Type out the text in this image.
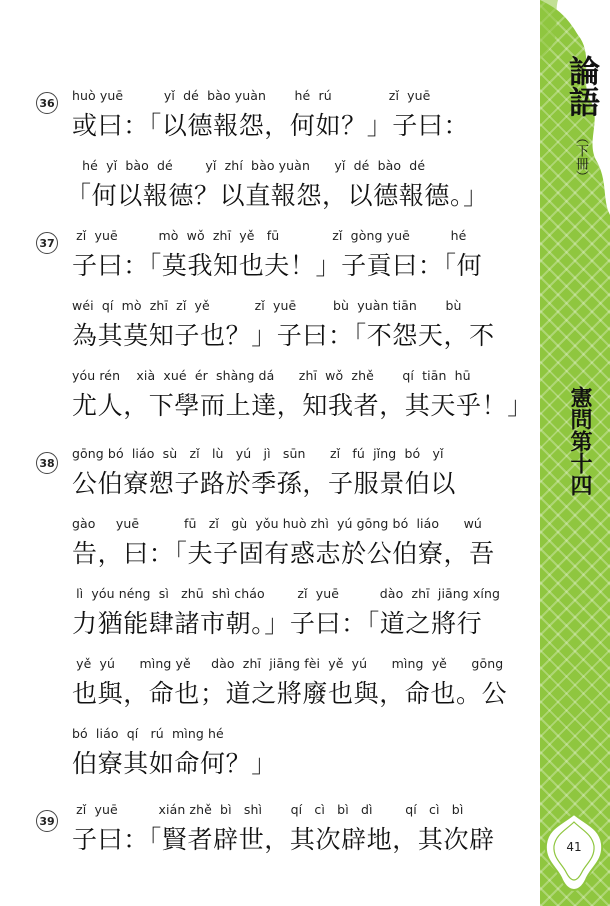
36 huò yuē          yǐ  dé  bào yuàn       hé  rú              zǐ  yuē
或曰：「以德報怨，何如？」子曰：
hé  yǐ  bào  dé        yǐ  zhí  bào yuàn      yǐ  dé  bào  dé
「何以報德？以直報怨，以德報德。」
37 zǐ  yuē          mò  wǒ  zhī  yě   fū             zǐ  gòng yuē          hé
子曰：「莫我知也夫！」子貢曰：「何
wéi  qí  mò  zhī  zǐ  yě           zǐ  yuē         bù  yuàn tiān       bù
為其莫知子也？」子曰：「不怨天，不
yóu rén    xià  xué  ér  shàng dá      zhī  wǒ  zhě       qí  tiān  hū
尤人，下學而上達，知我者，其天乎！」
38
gōng bó  liáo  sù   zǐ   lù   yú   jì   sūn      zǐ   fú  jǐng  bó   yǐ
公伯寮愬子路於季孫，子服景伯以
gào     yuē           fū   zǐ   gù  yǒu huò zhì  yú gōng bó  liáo      wú
告，曰：「夫子固有惑志於公伯寮，吾
lì  yóu néng  sì   zhū  shì cháo        zǐ  yuē          dào  zhī  jiāng xíng
力猶能肆諸市朝。」子曰：「道之將行
yě  yú      mìng yě     dào  zhī  jiāng fèi  yě  yú      mìng  yě      gōng
也與，命也；道之將廢也與，命也。公
bó  liáo  qí   rú  mìng hé
伯寮其如命何？」
39
zǐ  yuē          xián zhě  bì   shì       qí   cì   bì   dì        qí   cì   bì
子曰：「賢者辟世，其次辟地，其次辟
論語
（下冊）
憲問第十四
41
